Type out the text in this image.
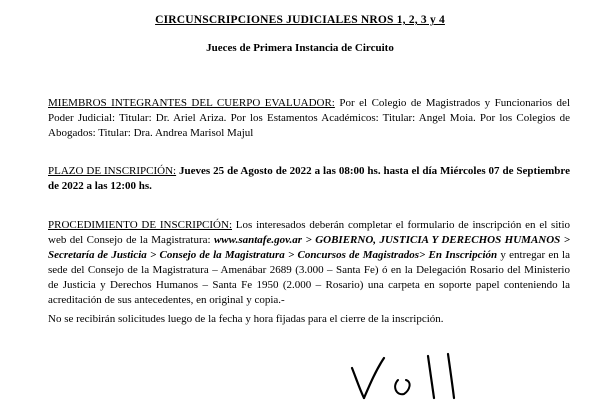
CIRCUNSCRIPCIONES JUDICIALES NROS 1, 2, 3 y 4
Jueces de Primera Instancia de Circuito
MIEMBROS INTEGRANTES DEL CUERPO EVALUADOR: Por el Colegio de Magistrados y Funcionarios del Poder Judicial: Titular: Dr. Ariel Ariza. Por los Estamentos Académicos: Titular: Angel Moia. Por los Colegios de Abogados: Titular: Dra. Andrea Marisol Majul
PLAZO DE INSCRIPCIÓN: Jueves 25 de Agosto de 2022 a las 08:00 hs. hasta el día Miércoles 07 de Septiembre de 2022 a las 12:00 hs.
PROCEDIMIENTO DE INSCRIPCIÓN: Los interesados deberán completar el formulario de inscripción en el sitio web del Consejo de la Magistratura: www.santafe.gov.ar > GOBIERNO, JUSTICIA Y DERECHOS HUMANOS > Secretaría de Justicia > Consejo de la Magistratura > Concursos de Magistrados> En Inscripción y entregar en la sede del Consejo de la Magistratura – Amenábar 2689 (3.000 – Santa Fe) ó en la Delegación Rosario del Ministerio de Justicia y Derechos Humanos – Santa Fe 1950 (2.000 – Rosario) una carpeta en soporte papel conteniendo la acreditación de sus antecedentes, en original y copia.-
No se recibirán solicitudes luego de la fecha y hora fijadas para el cierre de la inscripción.
